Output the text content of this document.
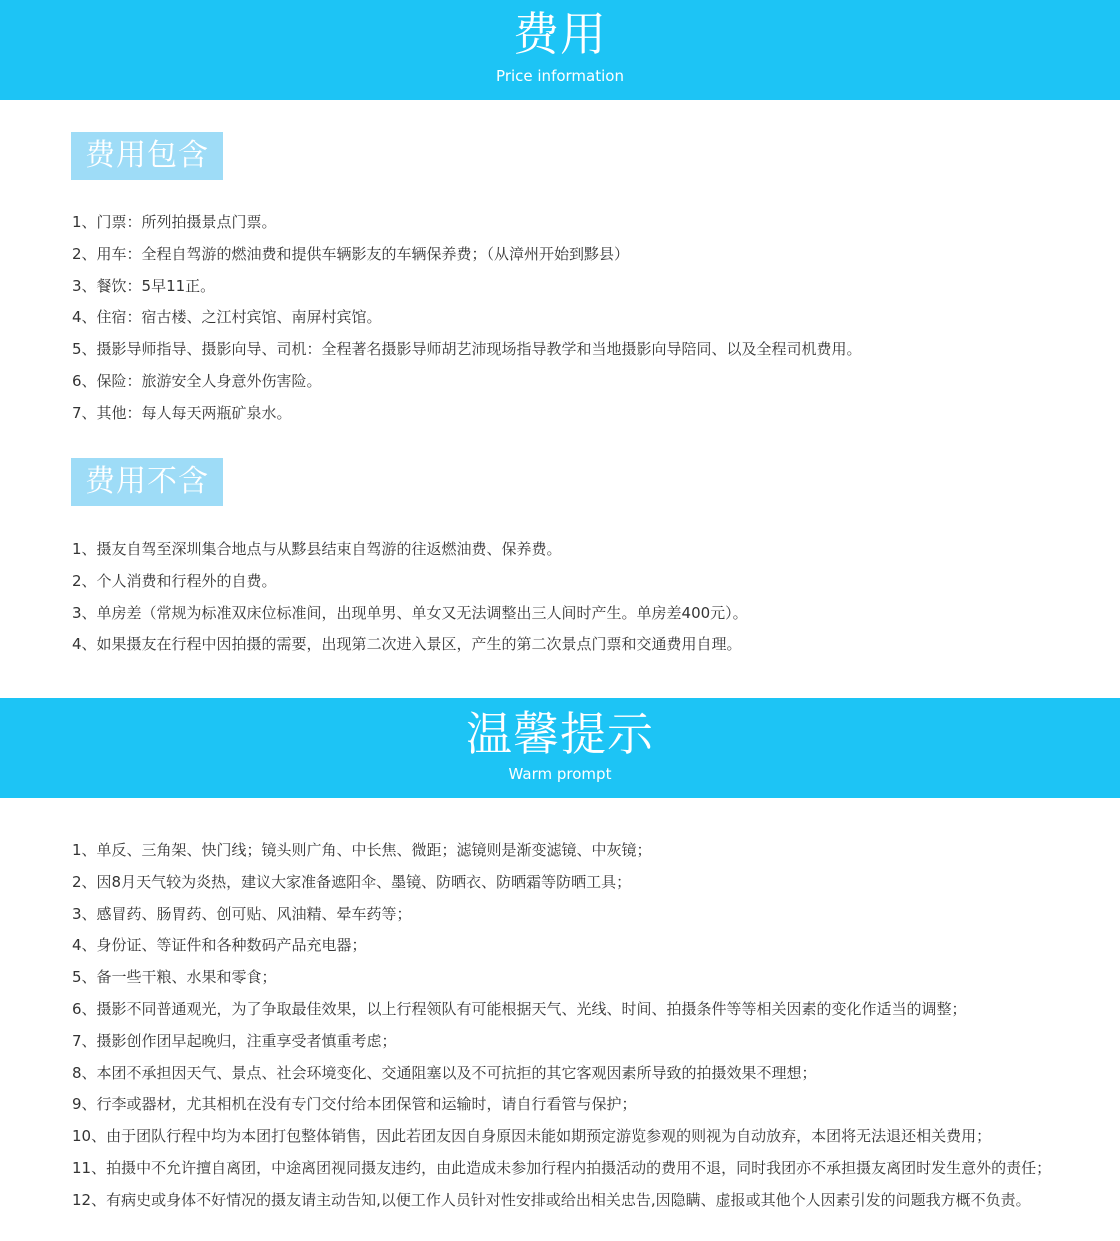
费用
Price information
费用包含
1、门票：所列拍摄景点门票。
2、用车：全程自驾游的燃油费和提供车辆影友的车辆保养费；（从漳州开始到黟县）
3、餐饮：5早11正。
4、住宿：宿古楼、之江村宾馆、南屏村宾馆。
5、摄影导师指导、摄影向导、司机：全程著名摄影导师胡艺沛现场指导教学和当地摄影向导陪同、以及全程司机费用。
6、保险：旅游安全人身意外伤害险。
7、其他：每人每天两瓶矿泉水。
费用不含
1、摄友自驾至深圳集合地点与从黟县结束自驾游的往返燃油费、保养费。
2、个人消费和行程外的自费。
3、单房差（常规为标准双床位标准间，出现单男、单女又无法调整出三人间时产生。单房差400元）。
4、如果摄友在行程中因拍摄的需要，出现第二次进入景区，产生的第二次景点门票和交通费用自理。
温馨提示
Warm prompt
1、单反、三角架、快门线；镜头则广角、中长焦、微距；滤镜则是渐变滤镜、中灰镜；
2、因8月天气较为炎热，建议大家准备遮阳伞、墨镜、防晒衣、防晒霜等防晒工具；
3、感冒药、肠胃药、创可贴、风油精、晕车药等；
4、身份证、等证件和各种数码产品充电器；
5、备一些干粮、水果和零食；
6、摄影不同普通观光，为了争取最佳效果，以上行程领队有可能根据天气、光线、时间、拍摄条件等等相关因素的变化作适当的调整；
7、摄影创作团早起晚归，注重享受者慎重考虑；
8、本团不承担因天气、景点、社会环境变化、交通阻塞以及不可抗拒的其它客观因素所导致的拍摄效果不理想；
9、行李或器材，尤其相机在没有专门交付给本团保管和运输时，请自行看管与保护；
10、由于团队行程中均为本团打包整体销售，因此若团友因自身原因未能如期预定游览参观的则视为自动放弃，本团将无法退还相关费用；
11、拍摄中不允许擅自离团，中途离团视同摄友违约，由此造成未参加行程内拍摄活动的费用不退，同时我团亦不承担摄友离团时发生意外的责任；
12、有病史或身体不好情况的摄友请主动告知,以便工作人员针对性安排或给出相关忠告,因隐瞒、虚报或其他个人因素引发的问题我方概不负责。
